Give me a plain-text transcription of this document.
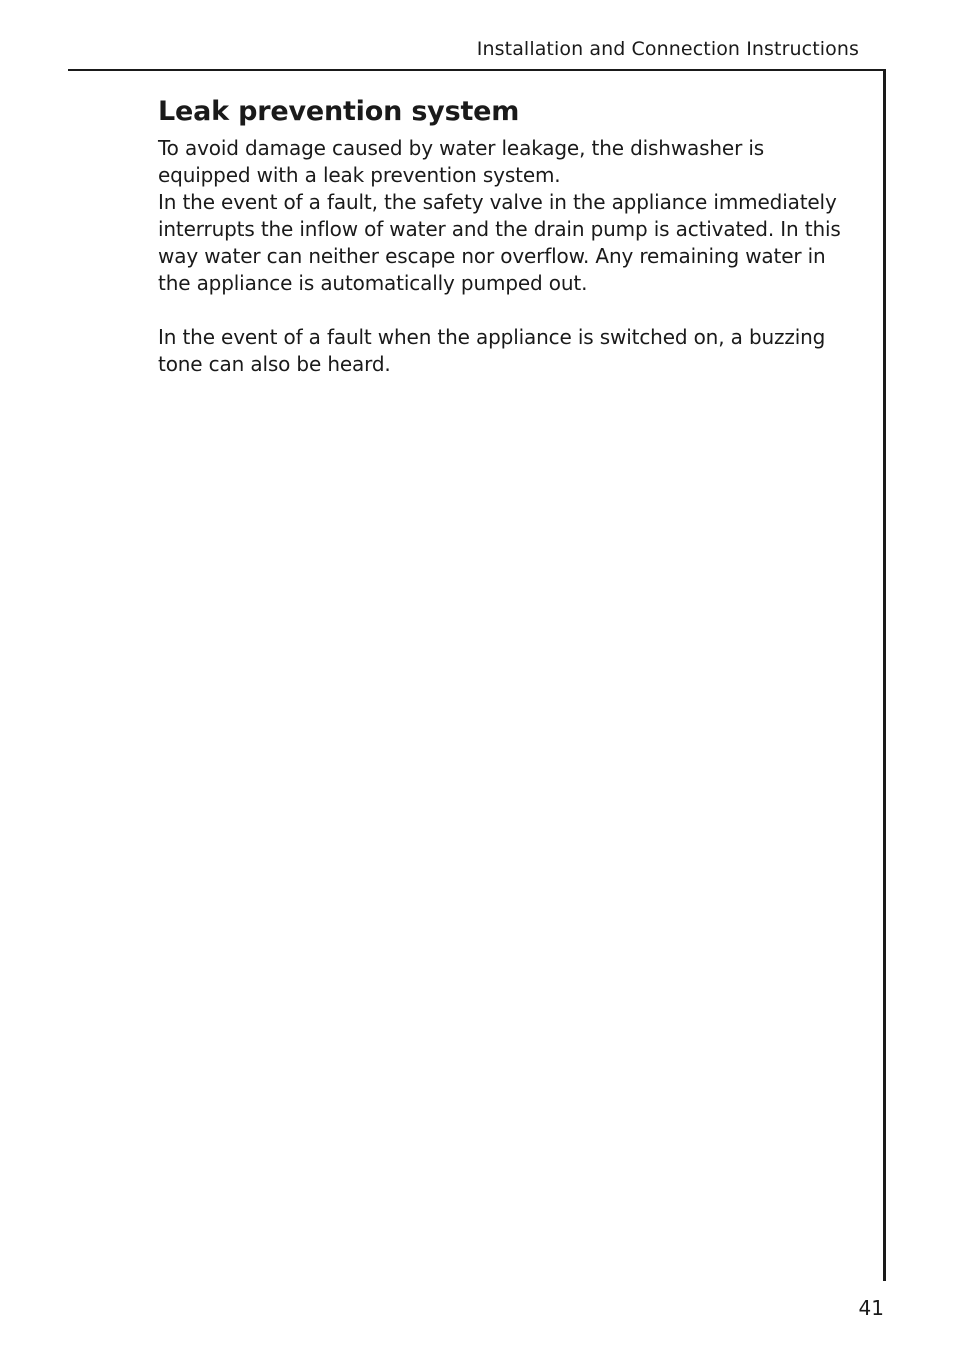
Installation and Connection Instructions
Leak prevention system

To avoid damage caused by water leakage, the dishwasher is equipped with a leak prevention system.

In the event of a fault, the safety valve in the appliance immediately interrupts the inflow of water and the drain pump is activated. In this way water can neither escape nor overflow. Any remaining water in the appliance is automatically pumped out.

In the event of a fault when the appliance is switched on, a buzzing tone can also be heard.

41
